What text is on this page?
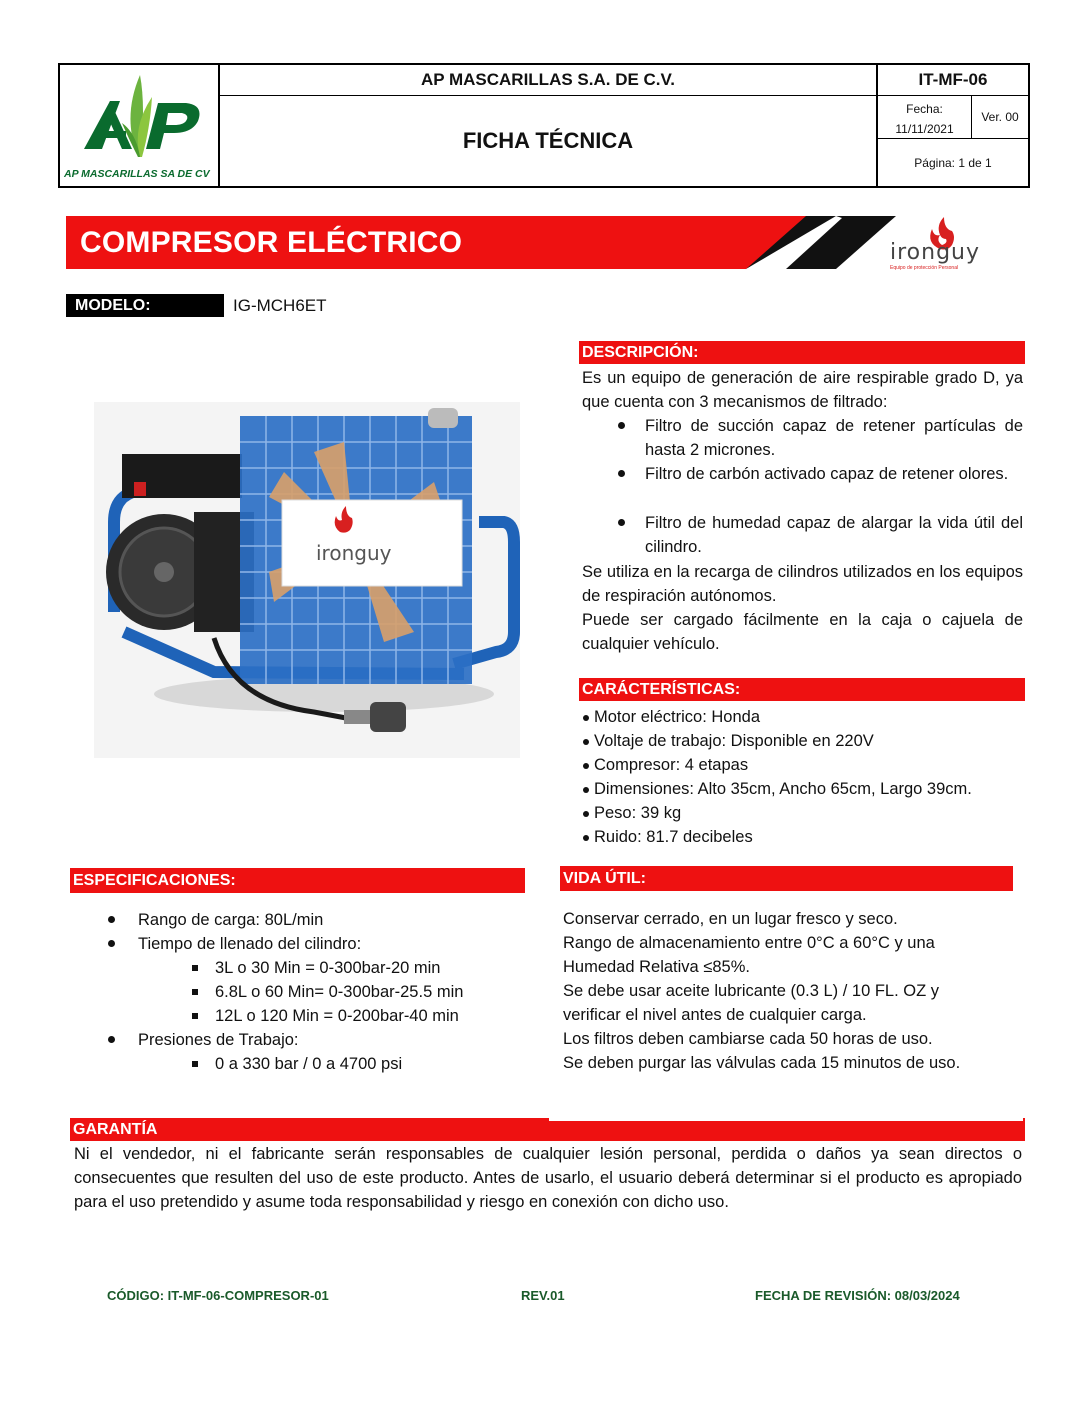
AP MASCARILLAS SA DE CV
AP MASCARILLAS S.A. DE C.V.	IT-MF-06
FICHA TÉCNICA
Fecha:
11/11/2021
Ver. 00
Página: 1 de 1
COMPRESOR ELÉCTRICO	ironguy
Equipo de protección Personal
MODELO:	IG-MCH6ET
ironguy
DESCRIPCIÓN:
Es un equipo de generación de aire respirable grado D, ya que cuenta con 3 mecanismos de filtrado:
Filtro de succión capaz de retener partículas de hasta 2 micrones.
Filtro de carbón activado capaz de retener olores.
Filtro de humedad capaz de alargar la vida útil del cilindro.
Se utiliza en la recarga de cilindros utilizados en los equipos de respiración autónomos.
Puede ser cargado fácilmente en la caja o cajuela de cualquier vehículo.
CARÁCTERÍSTICAS:
Motor eléctrico: Honda
Voltaje de trabajo: Disponible en 220V
Compresor: 4 etapas
Dimensiones: Alto 35cm, Ancho 65cm, Largo 39cm.
Peso: 39 kg
Ruido: 81.7 decibeles
ESPECIFICACIONES:
Rango de carga: 80L/min
Tiempo de llenado del cilindro:
3L o 30 Min = 0-300bar-20 min
6.8L o 60 Min= 0-300bar-25.5 min
12L o 120 Min = 0-200bar-40 min
Presiones de Trabajo:
0 a 330 bar / 0 a 4700 psi
VIDA ÚTIL:
Conservar cerrado, en un lugar fresco y seco.
Rango de almacenamiento entre 0°C a 60°C y una
Humedad Relativa ≤85%.
Se debe usar aceite lubricante (0.3 L) / 10 FL. OZ y
verificar el nivel antes de cualquier carga.
Los filtros deben cambiarse cada 50 horas de uso.
Se deben purgar las válvulas cada 15 minutos de uso.
GARANTÍA
Ni el vendedor, ni el fabricante serán responsables de cualquier lesión personal, perdida o daños ya sean directos o consecuentes que resulten del uso de este producto. Antes de usarlo, el usuario deberá determinar si el producto es apropiado para el uso pretendido y asume toda responsabilidad y riesgo en conexión con dicho uso.
CÓDIGO: IT-MF-06-COMPRESOR-01	REV.01	FECHA DE REVISIÓN: 08/03/2024
